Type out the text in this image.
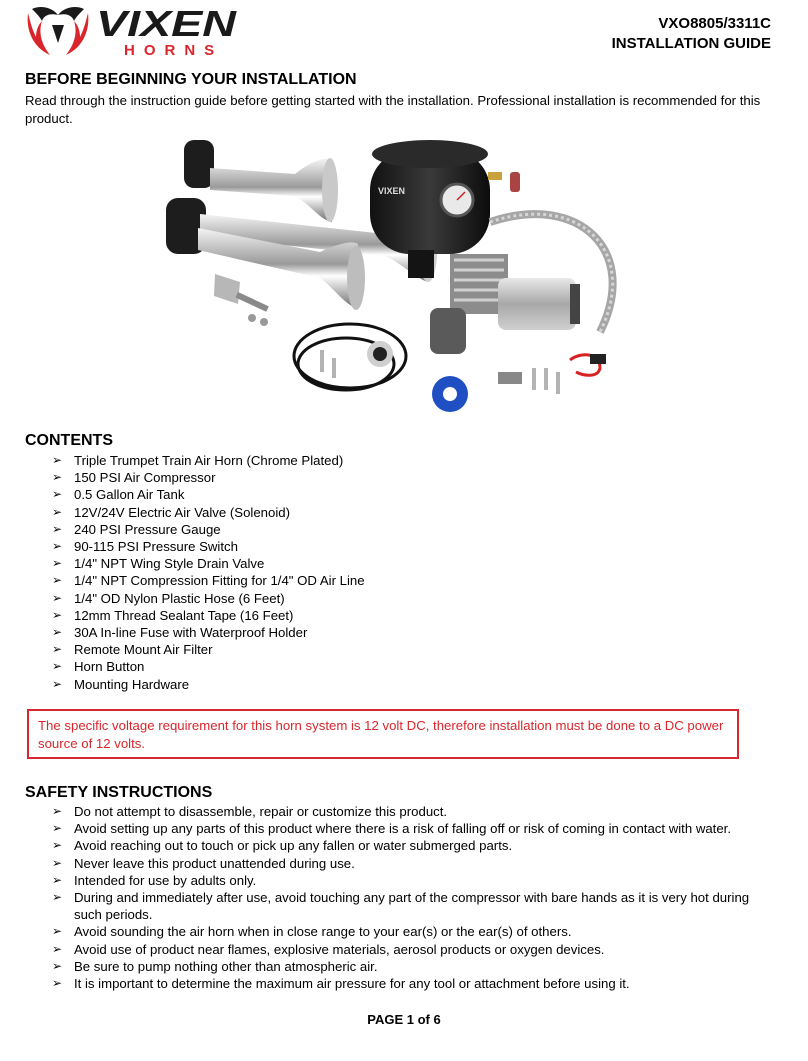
VIXEN
HORNS
VXO8805/3311C
INSTALLATION GUIDE
BEFORE BEGINNING YOUR INSTALLATION

Read through the instruction guide before getting started with the installation. Professional installation is recommended for this product.

VIXEN
CONTENTS
➢ Triple Trumpet Train Air Horn (Chrome Plated)
➢ 150 PSI Air Compressor
➢ 0.5 Gallon Air Tank
➢ 12V/24V Electric Air Valve (Solenoid)
➢ 240 PSI Pressure Gauge
➢ 90-115 PSI Pressure Switch
➢ 1/4" NPT Wing Style Drain Valve
➢ 1/4" NPT Compression Fitting for 1/4" OD Air Line
➢ 1/4" OD Nylon Plastic Hose (6 Feet)
➢ 12mm Thread Sealant Tape (16 Feet)
➢ 30A In-line Fuse with Waterproof Holder
➢ Remote Mount Air Filter
➢ Horn Button
➢ Mounting Hardware

The specific voltage requirement for this horn system is 12 volt DC, therefore installation must be done to a DC power source of 12 volts.

SAFETY INSTRUCTIONS
➢ Do not attempt to disassemble, repair or customize this product.
➢ Avoid setting up any parts of this product where there is a risk of falling off or risk of coming in contact with water.
➢ Avoid reaching out to touch or pick up any fallen or water submerged parts.
➢ Never leave this product unattended during use.
➢ Intended for use by adults only.
➢ During and immediately after use, avoid touching any part of the compressor with bare hands as it is very hot during such periods.
➢ Avoid sounding the air horn when in close range to your ear(s) or the ear(s) of others.
➢ Avoid use of product near flames, explosive materials, aerosol products or oxygen devices.
➢ Be sure to pump nothing other than atmospheric air.
➢ It is important to determine the maximum air pressure for any tool or attachment before using it.
PAGE 1 of 6
